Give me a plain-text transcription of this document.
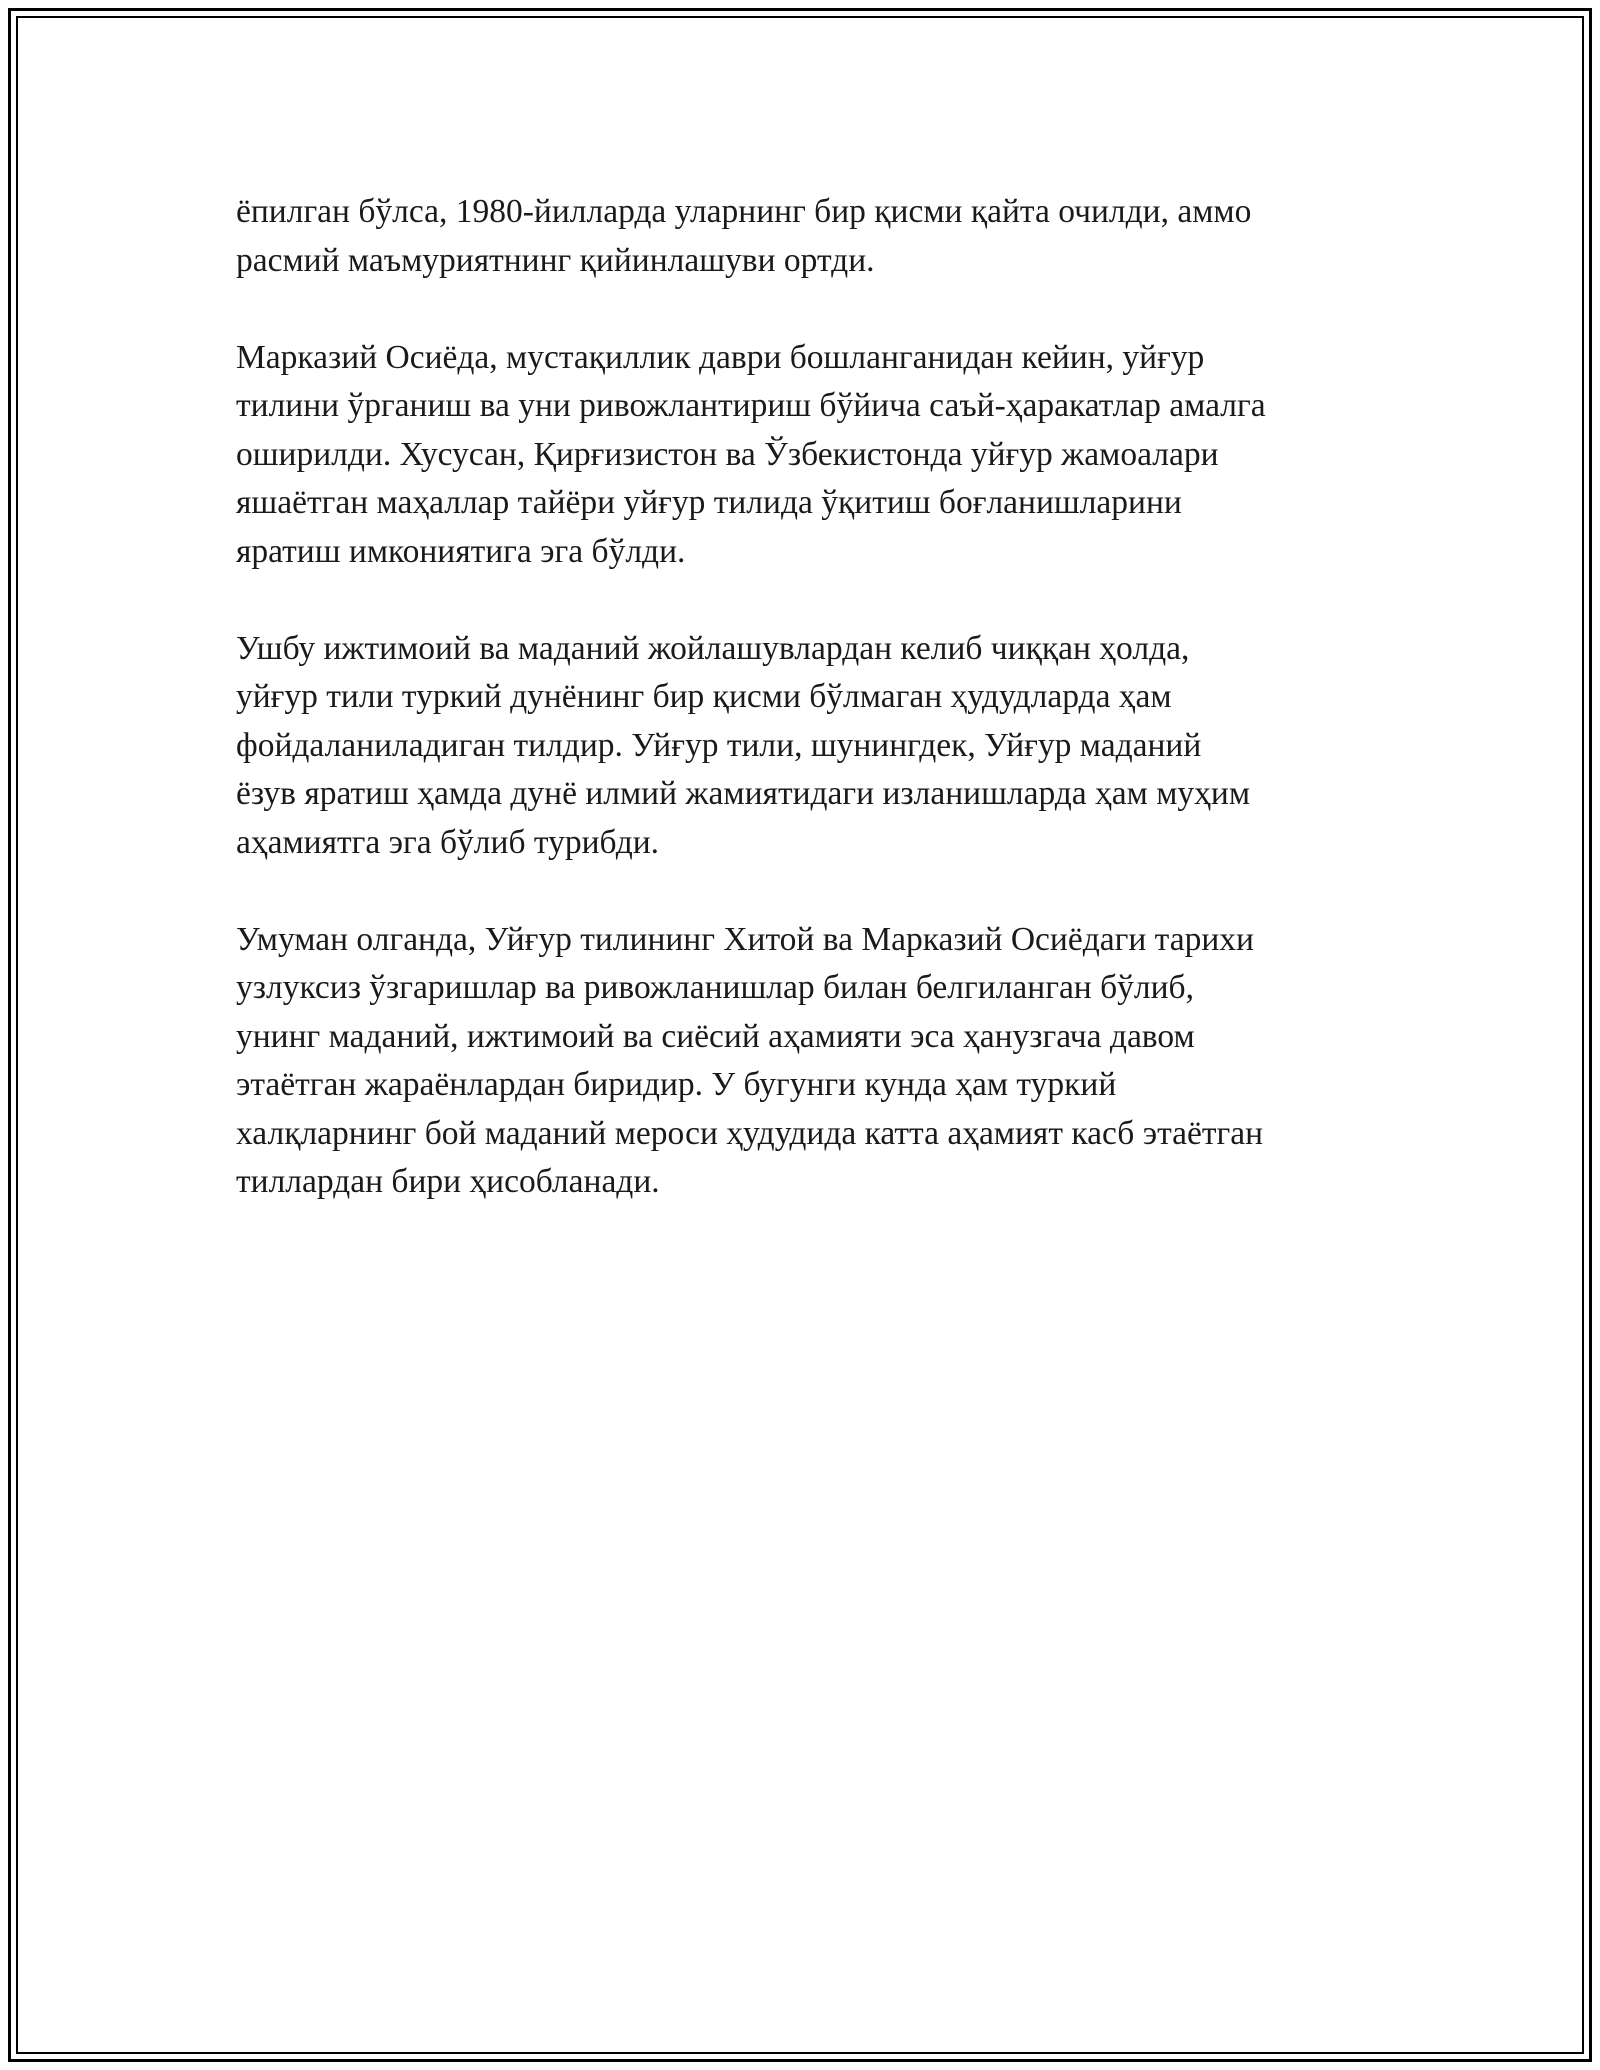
ёпилган бўлса, 1980-йилларда уларнинг бир қисми қайта очилди, аммо
расмий маъмуриятнинг қийинлашуви ортди.

Марказий Осиёда, мустақиллик даври бошланганидан кейин, уйғур
тилини ўрганиш ва уни ривожлантириш бўйича саъй-ҳаракатлар амалга
оширилди. Хусусан, Қирғизистон ва Ўзбекистонда уйғур жамоалари
яшаётган маҳаллар тайёри уйғур тилида ўқитиш боғланишларини
яратиш имкониятига эга бўлди.

Ушбу ижтимоий ва маданий жойлашувлардан келиб чиққан ҳолда,
уйғур тили туркий дунёнинг бир қисми бўлмаган ҳудудларда ҳам
фойдаланиладиган тилдир. Уйғур тили, шунингдек, Уйғур маданий
ёзув яратиш ҳамда дунё илмий жамиятидаги изланишларда ҳам муҳим
аҳамиятга эга бўлиб турибди.

Умуман олганда, Уйғур тилининг Хитой ва Марказий Осиёдаги тарихи
узлуксиз ўзгаришлар ва ривожланишлар билан белгиланган бўлиб,
унинг маданий, ижтимоий ва сиёсий аҳамияти эса ҳанузгача давом
этаётган жараёнлардан биридир. У бугунги кунда ҳам туркий
халқларнинг бой маданий мероси ҳудудида катта аҳамият касб этаётган
тиллардан бири ҳисобланади.
